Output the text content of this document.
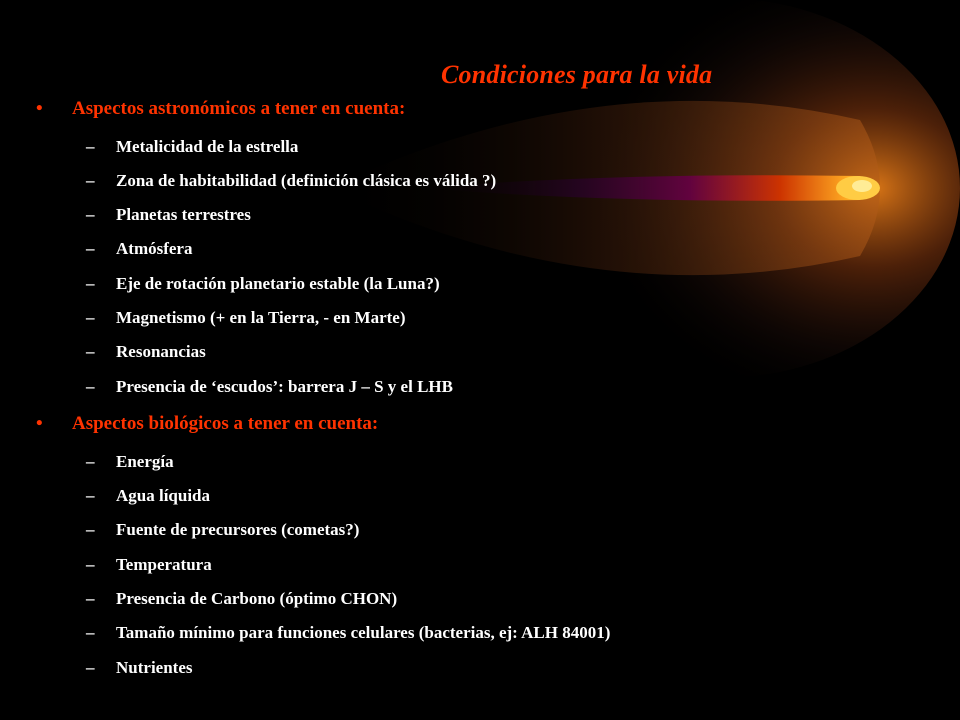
Condiciones para la vida
• Aspectos astronómicos a tener en cuenta:
– Metalicidad de la estrella
– Zona de habitabilidad (definición clásica es válida ?)
– Planetas terrestres
– Atmósfera
– Eje de rotación planetario estable (la Luna?)
– Magnetismo (+ en la Tierra, - en Marte)
– Resonancias
– Presencia de ‘escudos’: barrera J – S y el LHB
• Aspectos biológicos a tener en cuenta:
– Energía
– Agua líquida
– Fuente de precursores (cometas?)
– Temperatura
– Presencia de Carbono (óptimo CHON)
– Tamaño mínimo para funciones celulares (bacterias, ej: ALH 84001)
– Nutrientes
